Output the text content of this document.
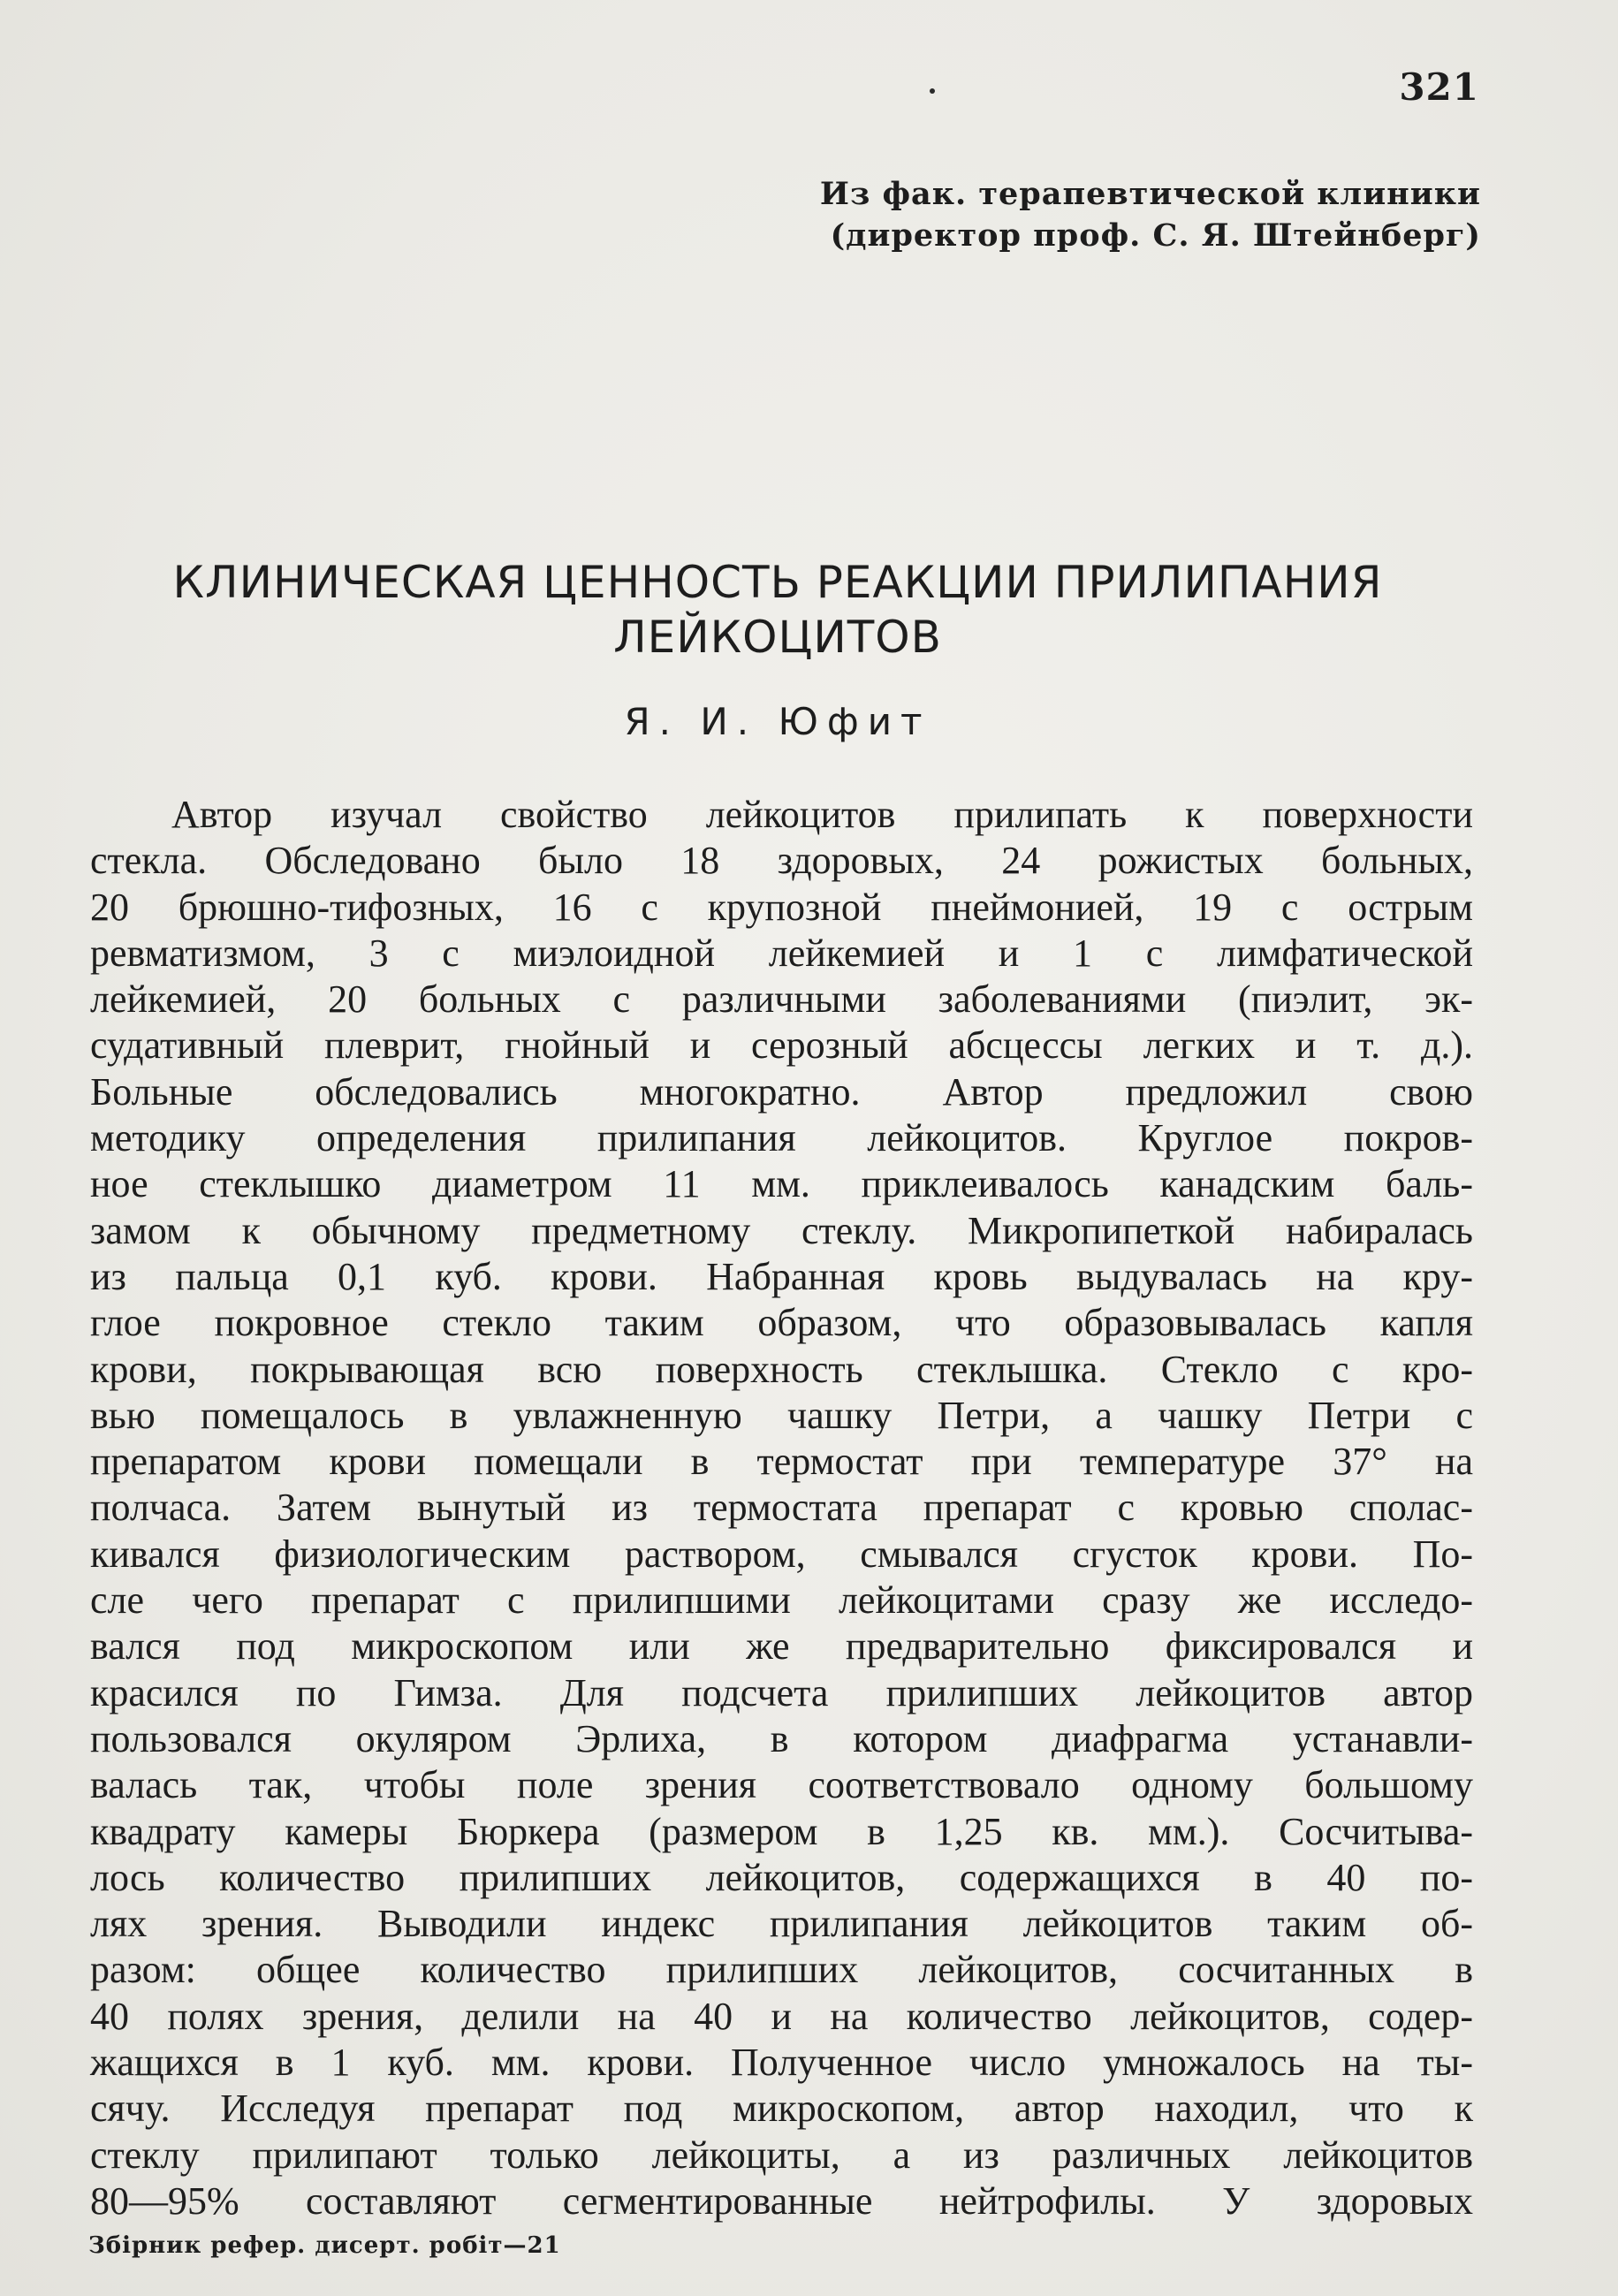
321
Из фак. терапевтической клиники
(директор проф. С. Я. Штейнберг)
КЛИНИЧЕСКАЯ ЦЕННОСТЬ РЕАКЦИИ ПРИЛИПАНИЯ
ЛЕЙКОЦИТОВ
Я. И. Юфит
Автор изучал свойство лейкоцитов прилипать к поверхности
стекла. Обследовано было 18 здоровых, 24 рожистых больных,
20 брюшно-тифозных, 16 с крупозной пнеймонией, 19 с острым
ревматизмом, 3 с миэлоидной лейкемией и 1 с лимфатической
лейкемией, 20 больных с различными заболеваниями (пиэлит, эк-
судативный плеврит, гнойный и серозный абсцессы легких и т. д.).
Больные обследовались многократно. Автор предложил свою
методику определения прилипания лейкоцитов. Круглое покров-
ное стеклышко диаметром 11 мм. приклеивалось канадским баль-
замом к обычному предметному стеклу. Микропипеткой набиралась
из пальца 0,1 куб. крови. Набранная кровь выдувалась на кру-
глое покровное стекло таким образом, что образовывалась капля
крови, покрывающая всю поверхность стеклышка. Стекло с кро-
вью помещалось в увлажненную чашку Петри, а чашку Петри с
препаратом крови помещали в термостат при температуре 37° на
полчаса. Затем вынутый из термостата препарат с кровью сполас-
кивался физиологическим раствором, смывался сгусток крови. По-
сле чего препарат с прилипшими лейкоцитами сразу же исследо-
вался под микроскопом или же предварительно фиксировался и
красился по Гимза. Для подсчета прилипших лейкоцитов автор
пользовался окуляром Эрлиха, в котором диафрагма устанавли-
валась так, чтобы поле зрения соответствовало одному большому
квадрату камеры Бюркера (размером в 1,25 кв. мм.). Сосчитыва-
лось количество прилипших лейкоцитов, содержащихся в 40 по-
лях зрения. Выводили индекс прилипания лейкоцитов таким об-
разом: общее количество прилипших лейкоцитов, сосчитанных в
40 полях зрения, делили на 40 и на количество лейкоцитов, содер-
жащихся в 1 куб. мм. крови. Полученное число умножалось на ты-
сячу. Исследуя препарат под микроскопом, автор находил, что к
стеклу прилипают только лейкоциты, а из различных лейкоцитов
80—95% составляют сегментированные нейтрофилы. У здоровых
Збірник рефер. дисерт. робіт—21
